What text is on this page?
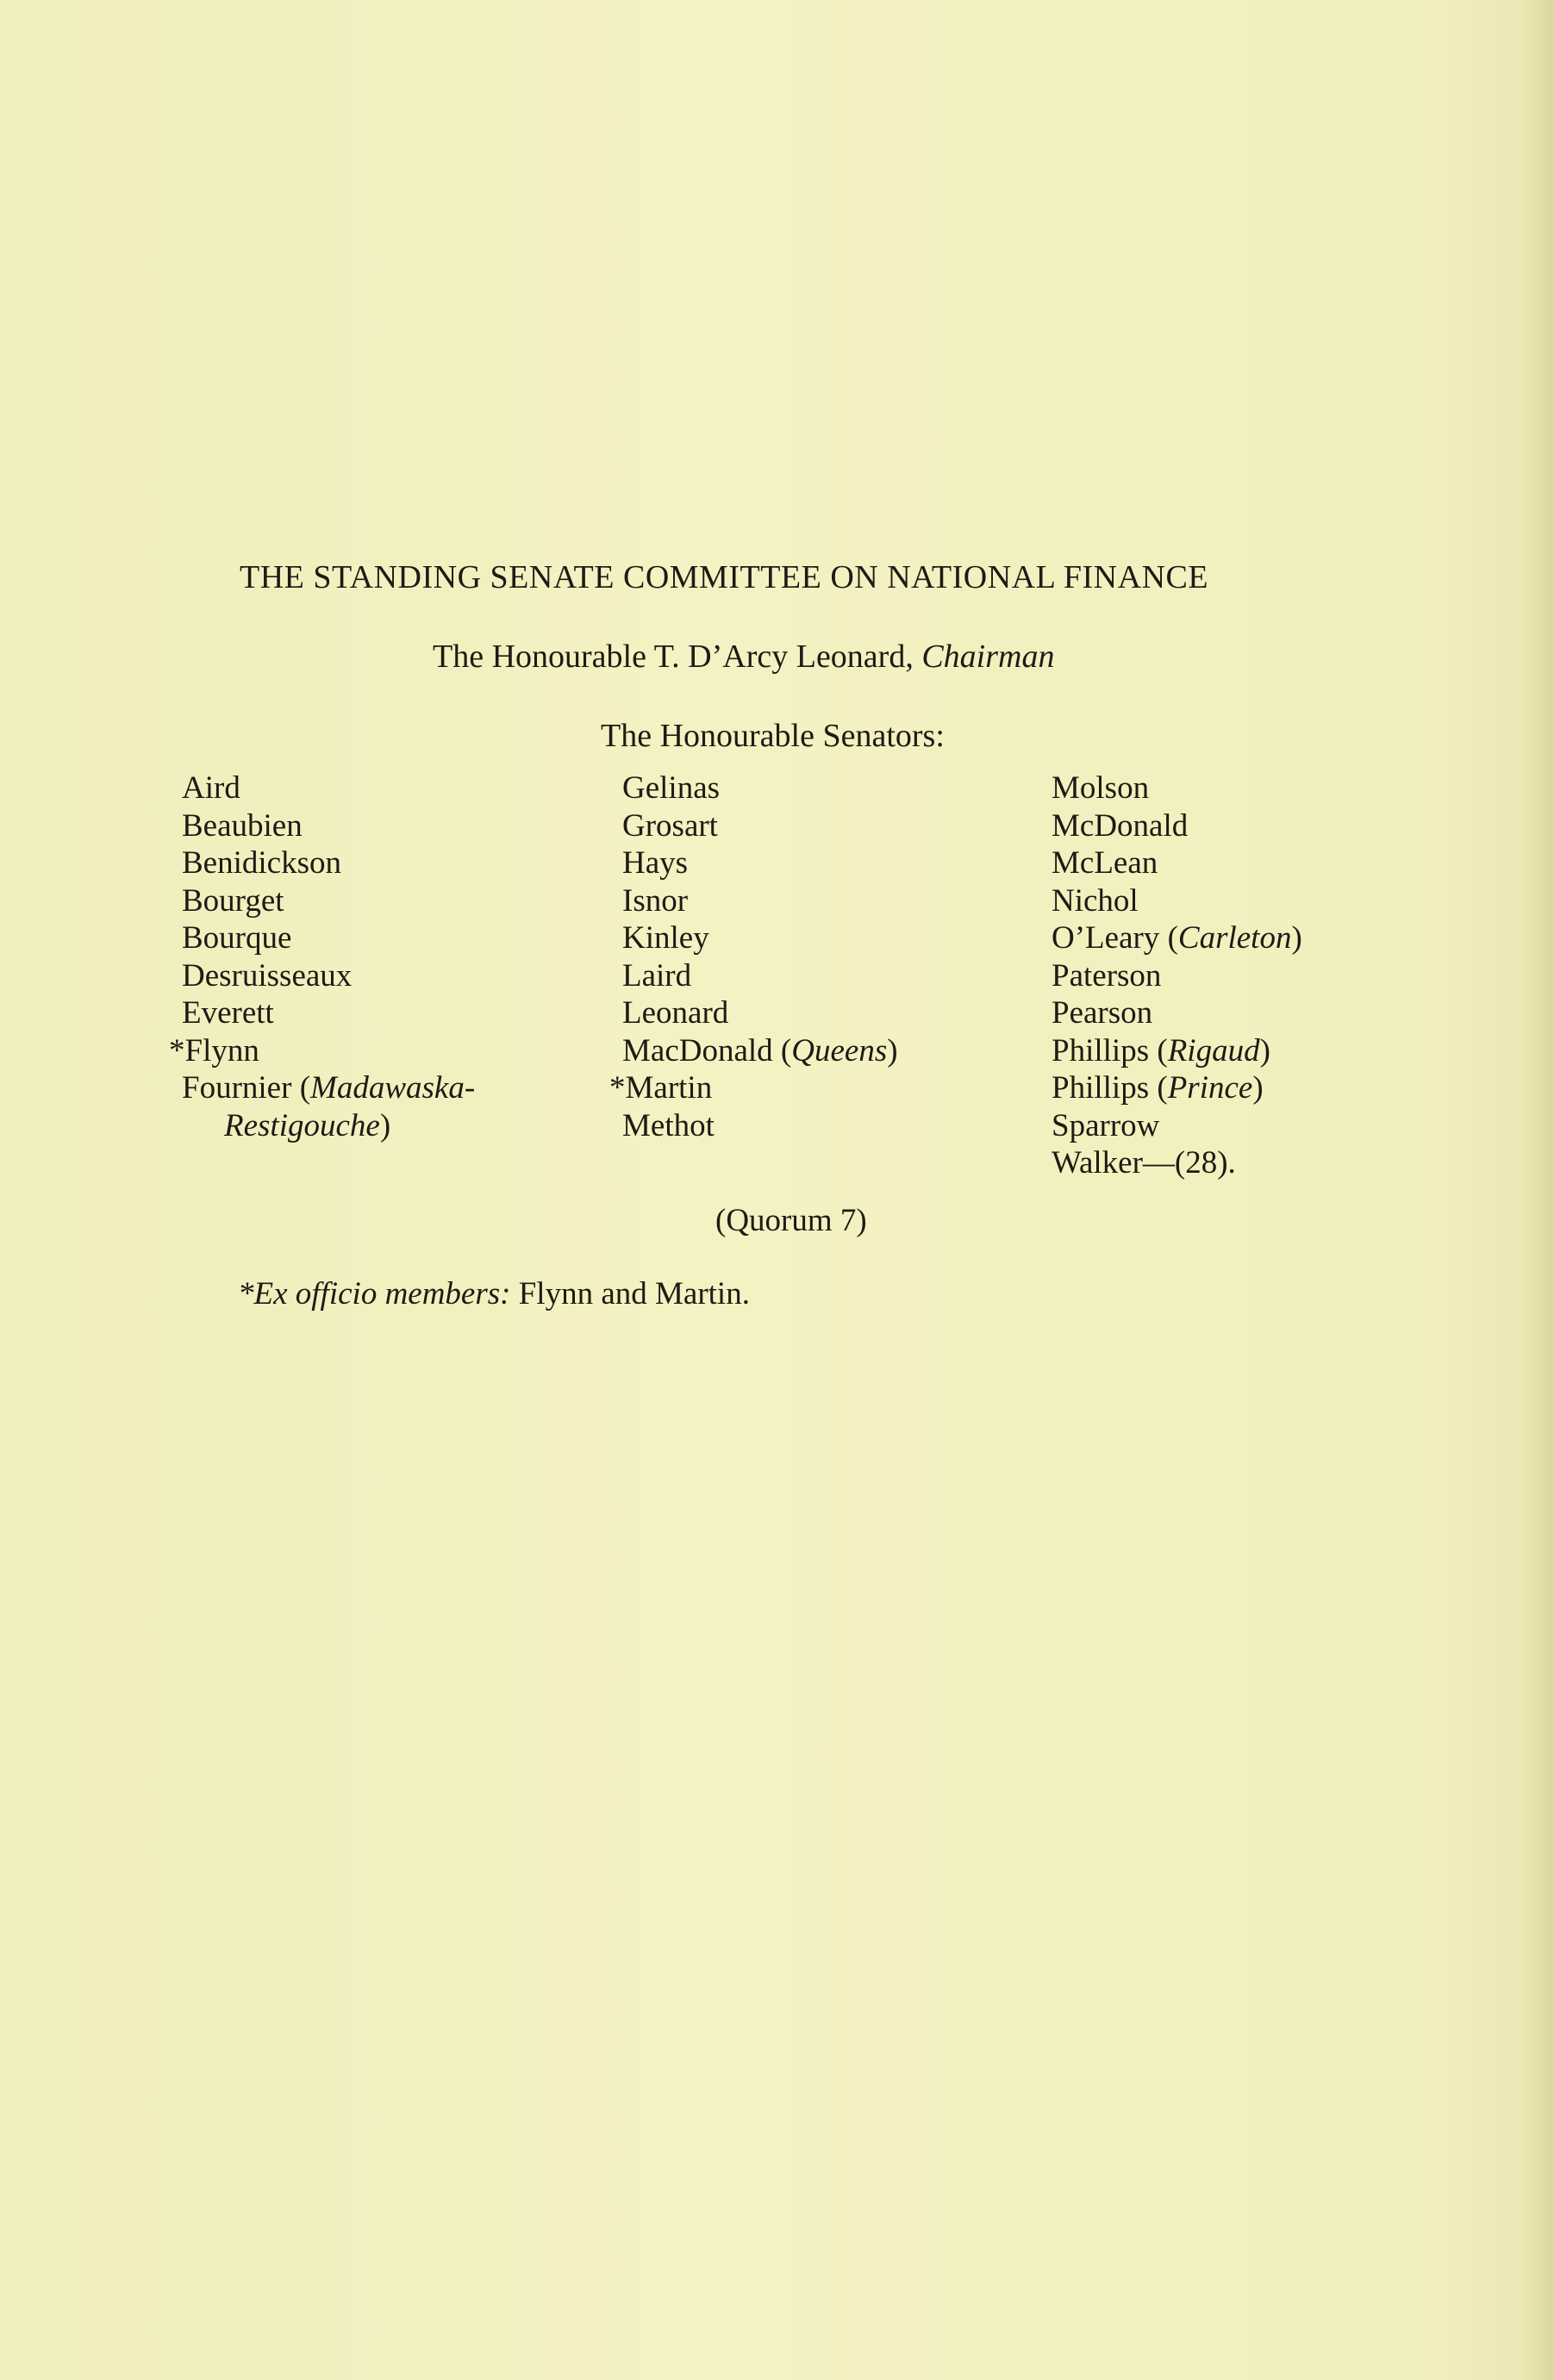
THE STANDING SENATE COMMITTEE ON NATIONAL FINANCE
The Honourable T. D’Arcy Leonard, Chairman
The Honourable Senators:
Aird
Beaubien
Benidickson
Bourget
Bourque
Desruisseaux
Everett
*Flynn
Fournier (Madawaska-
Restigouche)
Gelinas
Grosart
Hays
Isnor
Kinley
Laird
Leonard
MacDonald (Queens)
*Martin
Methot
Molson
McDonald
McLean
Nichol
O’Leary (Carleton)
Paterson
Pearson
Phillips (Rigaud)
Phillips (Prince)
Sparrow
Walker—(28).
(Quorum 7)
*Ex officio members: Flynn and Martin.
